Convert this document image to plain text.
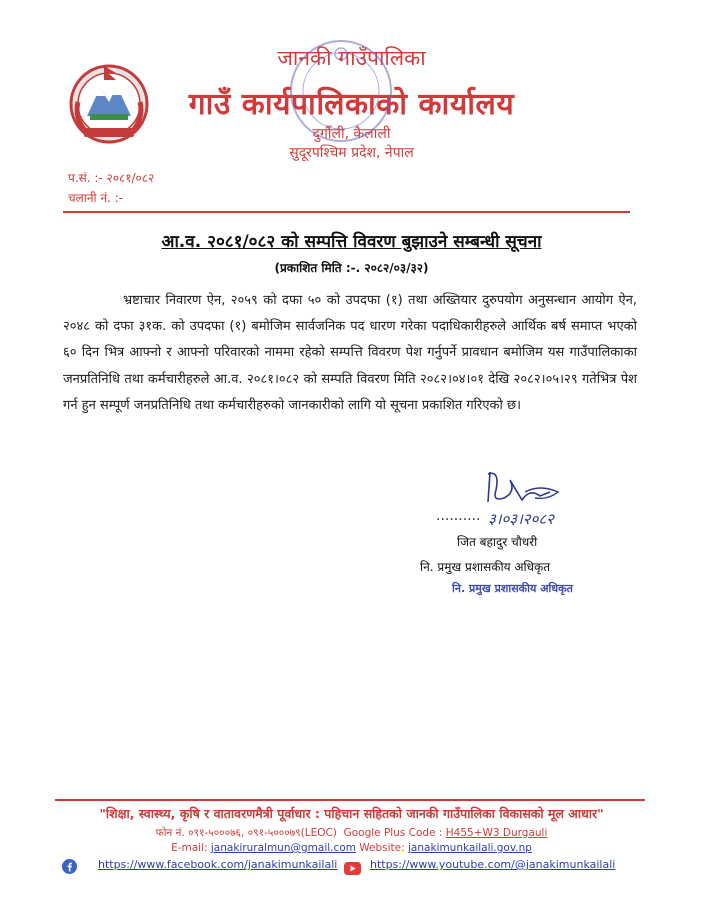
जानकी गाउँपालिका
गाउँ कार्यपालिकाको कार्यालय
दुर्गौली, कैलाली
सुदूरपश्चिम प्रदेश, नेपाल
प.सं. :- २०८१/०८२
चलानी नं. :-
आ.व. २०८१/०८२ को सम्पत्ति विवरण बुझाउने सम्बन्धी सूचना
(प्रकाशित मिति :-. २०८२/०३/३२)
भ्रष्टाचार निवारण ऐन, २०५९ को दफा ५० को उपदफा (१) तथा अख्तियार दुरुपयोग अनुसन्धान आयोग ऐन, २०४८ को दफा ३१क. को उपदफा (१) बमोजिम सार्वजनिक पद धारण गरेका पदाधिकारीहरुले आर्थिक बर्ष समाप्त भएको ६० दिन भित्र आफ्नो र आफ्नो परिवारको नाममा रहेको सम्पत्ति विवरण पेश गर्नुपर्ने प्रावधान बमोजिम यस गाउँपालिकाका जनप्रतिनिधि तथा कर्मचारीहरुले आ.व. २०८१।०८२ को सम्पति विवरण मिति २०८२।०४।०१ देखि २०८२।०५।२९ गतेभित्र पेश गर्न हुन सम्पूर्ण जनप्रतिनिधि तथा कर्मचारीहरुको जानकारीको लागि यो सूचना प्रकाशित गरिएको छ।
.......... ३।०३।२०८२
जित बहादुर चौधरी
नि. प्रमुख प्रशासकीय अधिकृत
नि. प्रमुख प्रशासकीय अधिकृत
"शिक्षा, स्वास्थ्य, कृषि र वातावरणमैत्री पूर्वाधार : पहिचान सहितको जानकी गाउँपालिका विकासको मूल आधार"
फोन नं. ०९१-५०००७६, ०९१-५०००७९(LEOC) Google Plus Code : H455+W3 Durgauli
E-mail: janakiruralmun@gmail.com Website: janakimunkailali.gov.np
https://www.facebook.com/janakimunkailali	https://www.youtube.com/@janakimunkailali
